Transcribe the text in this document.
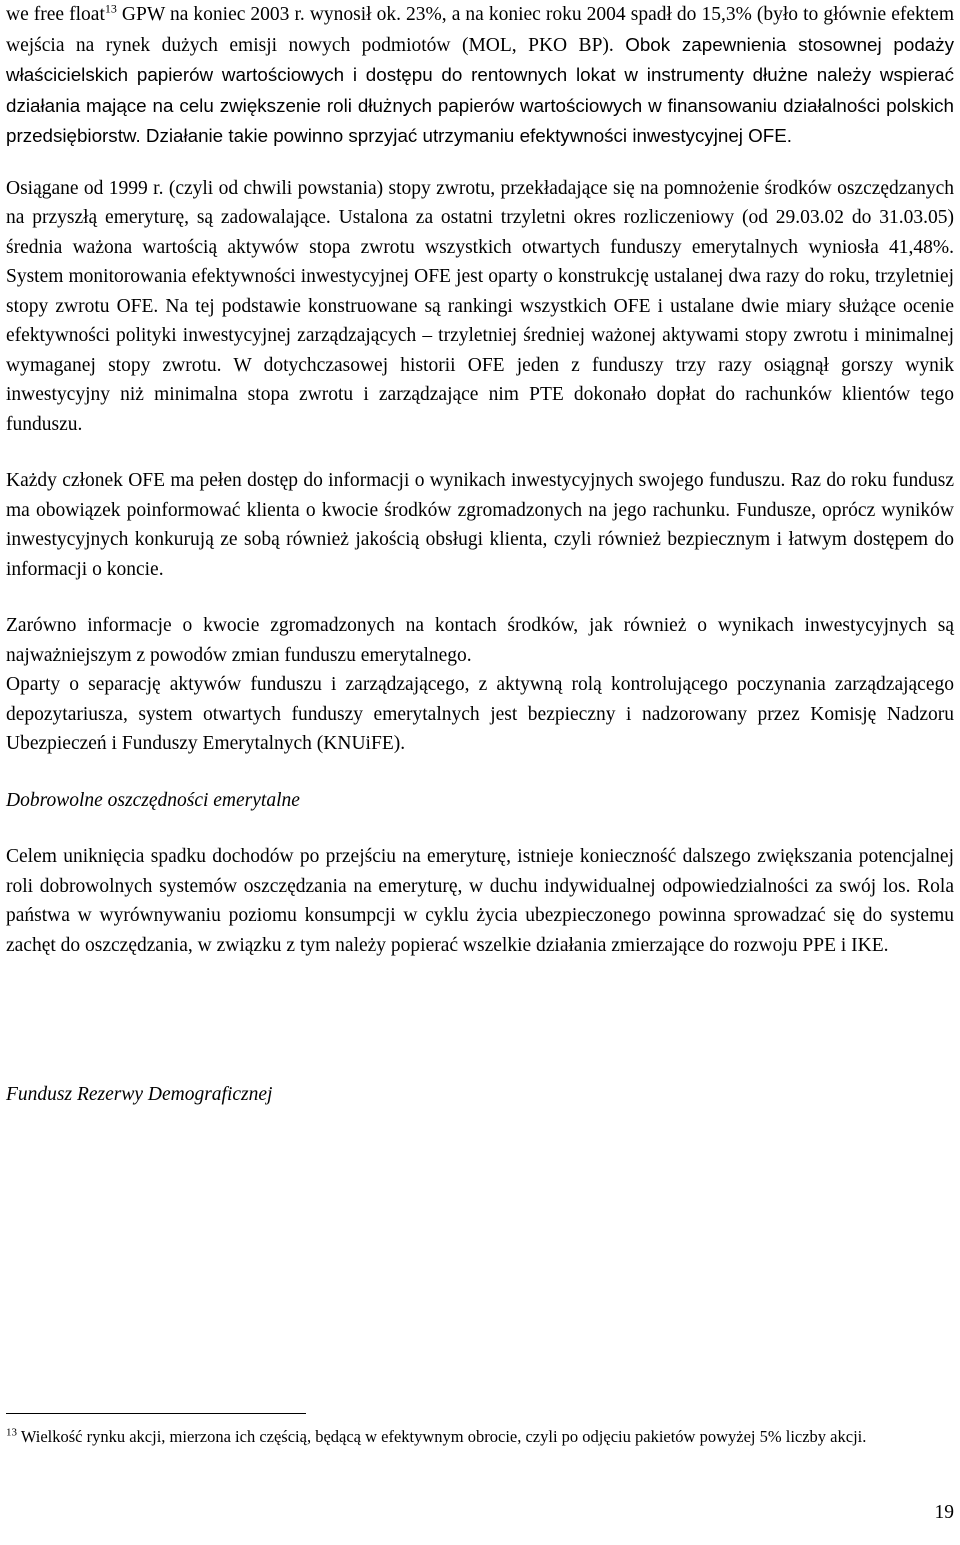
we free float$^{13}$ GPW na koniec 2003 r. wynosił ok. 23%, a na koniec roku 2004 spadł do 15,3% (było to głównie efektem wejścia na rynek dużych emisji nowych podmiotów (MOL, PKO BP). Obok zapewnienia stosownej podaży właścicielskich papierów wartościowych i dostępu do rentownych lokat w instrumenty dłużne należy wspierać działania mające na celu zwiększenie roli dłużnych papierów wartościowych w finansowaniu działalności polskich przedsiębiorstw. Działanie takie powinno sprzyjać utrzymaniu efektywności inwestycyjnej OFE.

Osiągane od 1999 r. (czyli od chwili powstania) stopy zwrotu, przekładające się na pomnożenie środków oszczędzanych na przyszłą emeryturę, są zadowalające. Ustalona za ostatni trzyletni okres rozliczeniowy (od 29.03.02 do 31.03.05) średnia ważona wartością aktywów stopa zwrotu wszystkich otwartych funduszy emerytalnych wyniosła 41,48%. System monitorowania efektywności inwestycyjnej OFE jest oparty o konstrukcję ustalanej dwa razy do roku, trzyletniej stopy zwrotu OFE. Na tej podstawie konstruowane są rankingi wszystkich OFE i ustalane dwie miary służące ocenie efektywności polityki inwestycyjnej zarządzających – trzyletniej średniej ważonej aktywami stopy zwrotu i minimalnej wymaganej stopy zwrotu. W dotychczasowej historii OFE jeden z funduszy trzy razy osiągnął gorszy wynik inwestycyjny niż minimalna stopa zwrotu i zarządzające nim PTE dokonało dopłat do rachunków klientów tego funduszu.

Każdy członek OFE ma pełen dostęp do informacji o wynikach inwestycyjnych swojego funduszu. Raz do roku fundusz ma obowiązek poinformować klienta o kwocie środków zgromadzonych na jego rachunku. Fundusze, oprócz wyników inwestycyjnych konkurują ze sobą również jakością obsługi klienta, czyli również bezpiecznym i łatwym dostępem do informacji o koncie.

Zarówno informacje o kwocie zgromadzonych na kontach środków, jak również o wynikach inwestycyjnych są najważniejszym z powodów zmian funduszu emerytalnego.

Oparty o separację aktywów funduszu i zarządzającego, z aktywną rolą kontrolującego poczynania zarządzającego depozytariusza, system otwartych funduszy emerytalnych jest bezpieczny i nadzorowany przez Komisję Nadzoru Ubezpieczeń i Funduszy Emerytalnych (KNUiFE).

Dobrowolne oszczędności emerytalne

Celem uniknięcia spadku dochodów po przejściu na emeryturę, istnieje konieczność dalszego zwiększania potencjalnej roli dobrowolnych systemów oszczędzania na emeryturę, w duchu indywidualnej odpowiedzialności za swój los. Rola państwa w wyrównywaniu poziomu konsumpcji w cyklu życia ubezpieczonego powinna sprowadzać się do systemu zachęt do oszczędzania, w związku z tym należy popierać wszelkie działania zmierzające do rozwoju PPE i IKE.

Fundusz Rezerwy Demograficznej

$^{13}$ Wielkość rynku akcji, mierzona ich częścią, będącą w efektywnym obrocie, czyli po odjęciu pakietów powyżej 5% liczby akcji.

19
